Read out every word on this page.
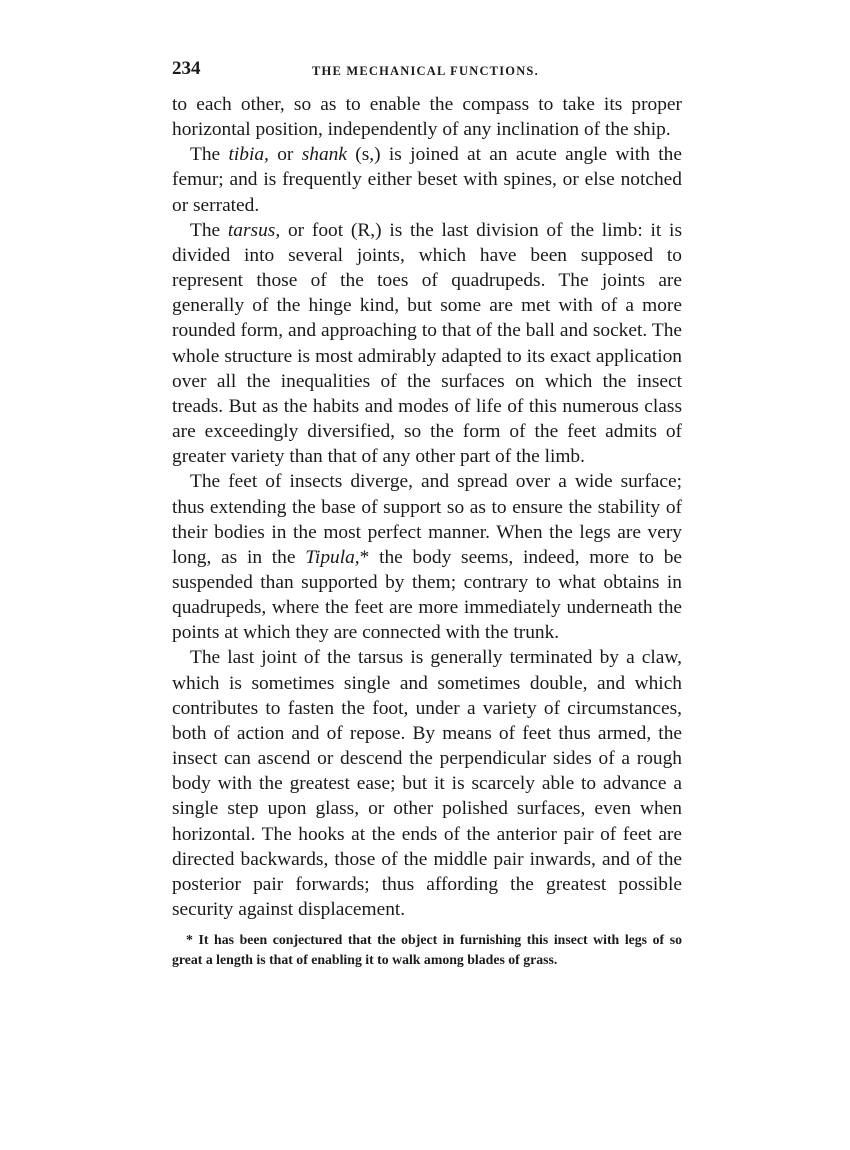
234	THE MECHANICAL FUNCTIONS.

to each other, so as to enable the compass to take its proper horizontal position, independently of any inclination of the ship.

The tibia, or shank (s,) is joined at an acute angle with the femur; and is frequently either beset with spines, or else notched or serrated.

The tarsus, or foot (R,) is the last division of the limb: it is divided into several joints, which have been supposed to represent those of the toes of quadrupeds. The joints are generally of the hinge kind, but some are met with of a more rounded form, and approaching to that of the ball and socket. The whole structure is most admirably adapted to its exact application over all the inequalities of the surfaces on which the insect treads. But as the habits and modes of life of this numerous class are exceedingly diversified, so the form of the feet admits of greater variety than that of any other part of the limb.

The feet of insects diverge, and spread over a wide surface; thus extending the base of support so as to ensure the stability of their bodies in the most perfect manner. When the legs are very long, as in the Tipula,* the body seems, indeed, more to be suspended than supported by them; contrary to what obtains in quadrupeds, where the feet are more immediately underneath the points at which they are connected with the trunk.

The last joint of the tarsus is generally terminated by a claw, which is sometimes single and sometimes double, and which contributes to fasten the foot, under a variety of circumstances, both of action and of repose. By means of feet thus armed, the insect can ascend or descend the perpendicular sides of a rough body with the greatest ease; but it is scarcely able to advance a single step upon glass, or other polished surfaces, even when horizontal. The hooks at the ends of the anterior pair of feet are directed backwards, those of the middle pair inwards, and of the posterior pair forwards; thus affording the greatest possible security against displacement.

* It has been conjectured that the object in furnishing this insect with legs of so great a length is that of enabling it to walk among blades of grass.
